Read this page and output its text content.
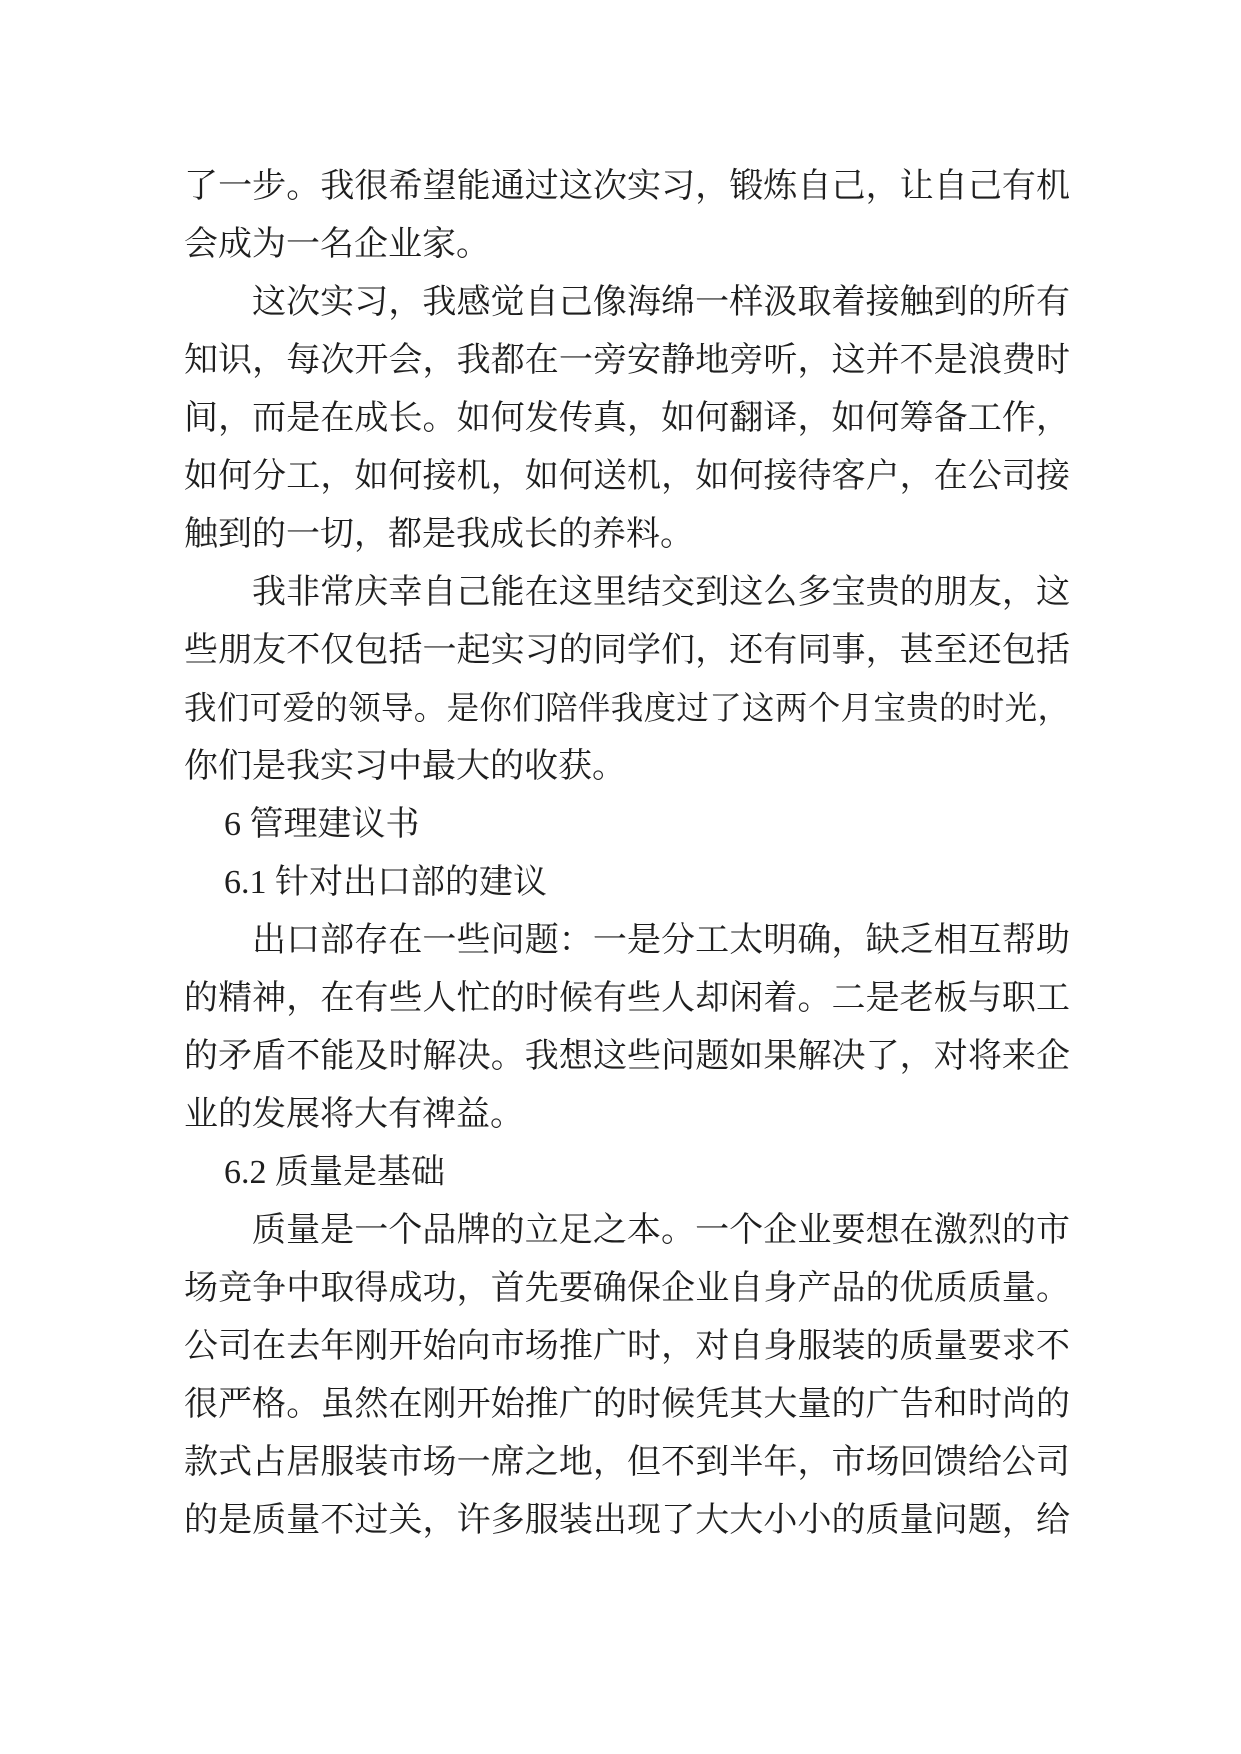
了一步。我很希望能通过这次实习，锻炼自己，让自己有机
会成为一名企业家。
这次实习，我感觉自己像海绵一样汲取着接触到的所有
知识，每次开会，我都在一旁安静地旁听，这并不是浪费时
间，而是在成长。如何发传真，如何翻译，如何筹备工作，
如何分工，如何接机，如何送机，如何接待客户，在公司接
触到的一切，都是我成长的养料。
我非常庆幸自己能在这里结交到这么多宝贵的朋友，这
些朋友不仅包括一起实习的同学们，还有同事，甚至还包括
我们可爱的领导。是你们陪伴我度过了这两个月宝贵的时光，
你们是我实习中最大的收获。
6 管理建议书
6.1 针对出口部的建议
出口部存在一些问题：一是分工太明确，缺乏相互帮助
的精神，在有些人忙的时候有些人却闲着。二是老板与职工
的矛盾不能及时解决。我想这些问题如果解决了，对将来企
业的发展将大有禆益。
6.2 质量是基础
质量是一个品牌的立足之本。一个企业要想在激烈的市
场竞争中取得成功，首先要确保企业自身产品的优质质量。
公司在去年刚开始向市场推广时，对自身服装的质量要求不
很严格。虽然在刚开始推广的时候凭其大量的广告和时尚的
款式占居服装市场一席之地，但不到半年，市场回馈给公司
的是质量不过关，许多服装出现了大大小小的质量问题，给
